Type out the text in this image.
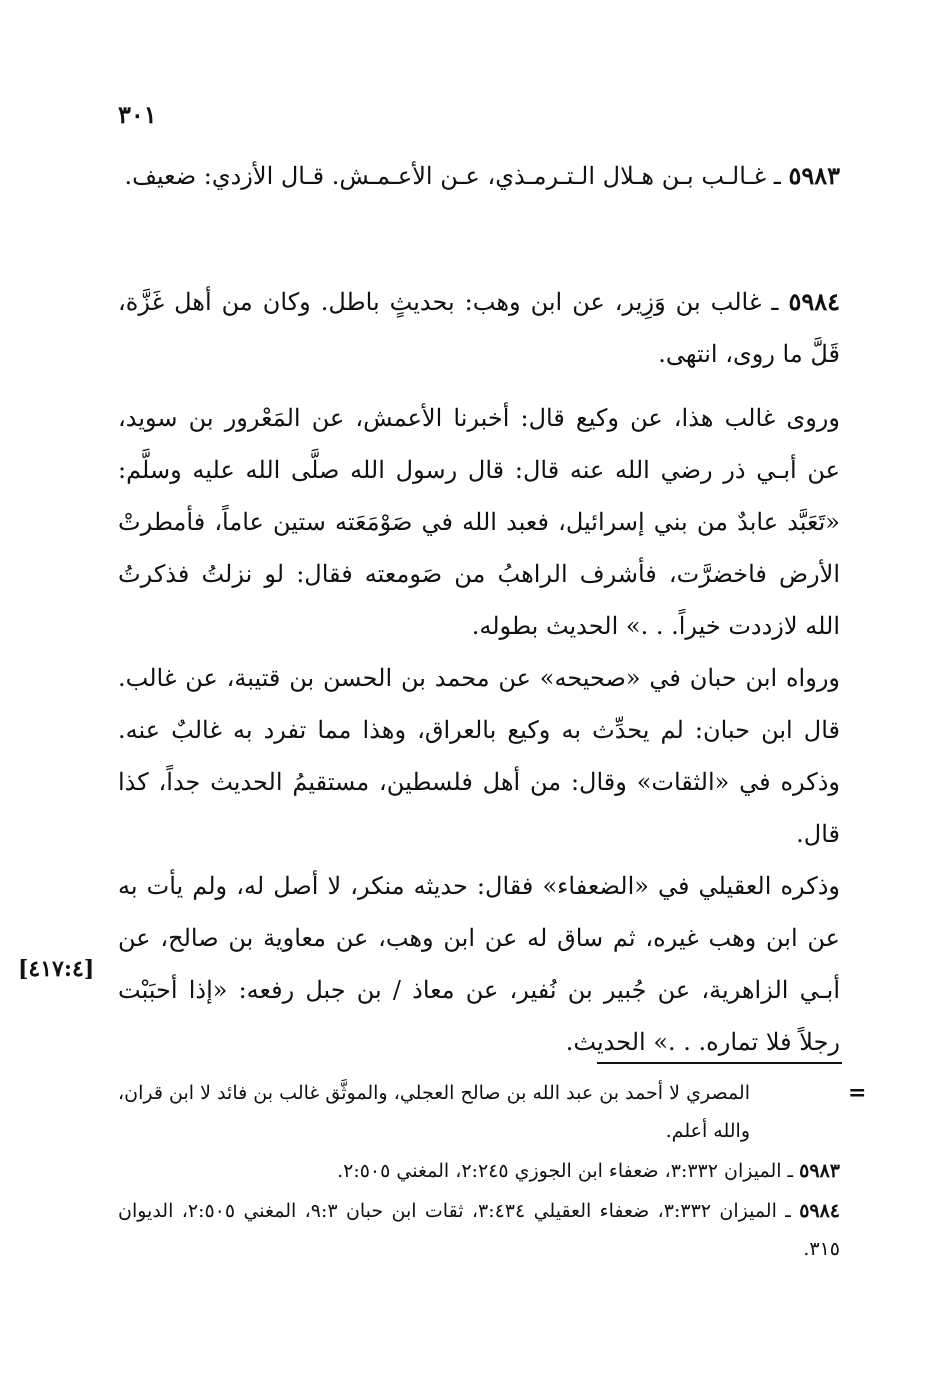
٣٠١

٥٩٨٣ ـ غـالـب بـن هـلال الـتـرمـذي، عـن الأعـمـش. قـال الأزدي: ضعيف.

٥٩٨٤ ـ غالب بن وَزِير، عن ابن وهب: بحديثٍ باطل. وكان من أهل غَزَّة، قَلَّ ما روى، انتهى.

وروى غالب هذا، عن وكيع قال: أخبرنا الأعمش، عن المَعْرور بن سويد، عن أبـي ذر رضي الله عنه قال: قال رسول الله صلَّى الله عليه وسلَّم: «تَعَبَّد عابدٌ من بني إسرائيل، فعبد الله في صَوْمَعَته ستين عاماً، فأمطرتْ الأرض فاخضرَّت، فأشرف الراهبُ من صَومعته فقال: لو نزلتُ فذكرتُ الله لازددت خيراً. . .» الحديث بطوله.

ورواه ابن حبان في «صحيحه» عن محمد بن الحسن بن قتيبة، عن غالب. قال ابن حبان: لم يحدِّث به وكيع بالعراق، وهذا مما تفرد به غالبٌ عنه. وذكره في «الثقات» وقال: من أهل فلسطين، مستقيمُ الحديث جداً، كذا قال.

وذكره العقيلي في «الضعفاء» فقال: حديثه منكر، لا أصل له، ولم يأت به عن ابن وهب غيره، ثم ساق له عن ابن وهب، عن معاوية بن صالح، عن أبـي الزاهرية، عن جُبير بن نُفير، عن معاذ / بن جبل رفعه: «إذا أحبَبْت رجلاً فلا تماره. . .» الحديث.

[٤١٧:٤]

=

المصري لا أحمد بن عبد الله بن صالح العجلي، والموثَّق غالب بن فائد لا ابن قران، والله أعلم.

٥٩٨٣ ـ الميزان ٣:٣٣٢، ضعفاء ابن الجوزي ٢:٢٤٥، المغني ٢:٥٠٥.

٥٩٨٤ ـ الميزان ٣:٣٣٢، ضعفاء العقيلي ٣:٤٣٤، ثقات ابن حبان ٩:٣، المغني ٢:٥٠٥، الديوان ٣١٥.
